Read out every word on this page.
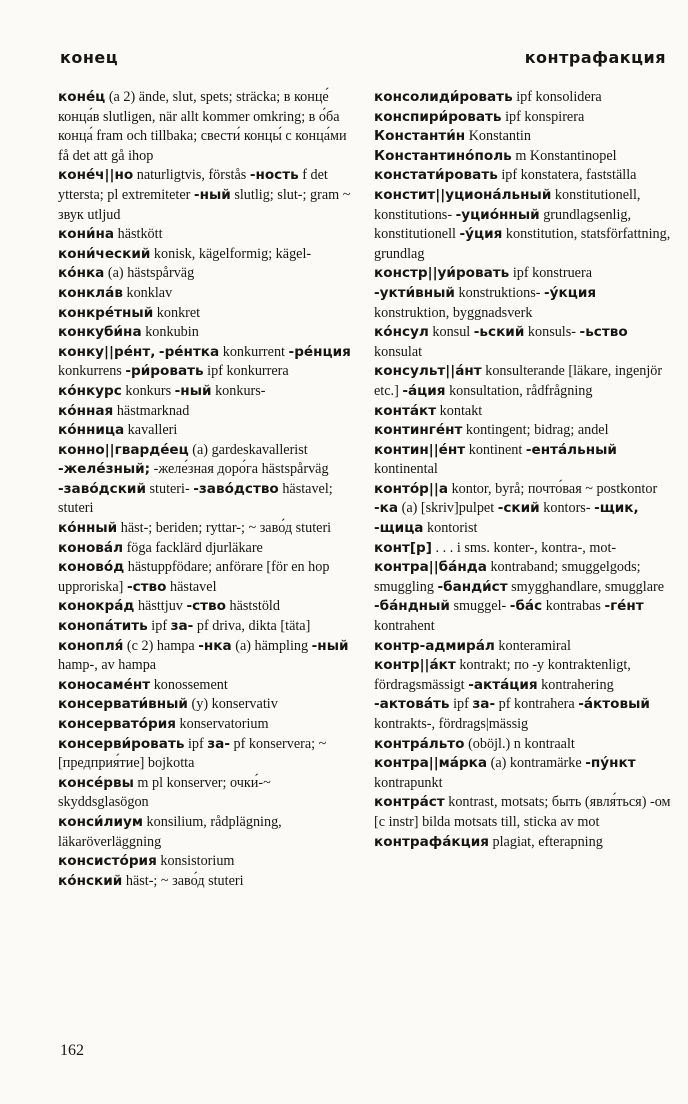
конец	контрафакция

коне́ц (a 2) ände, slut, spets; sträcka; в конце́ конца́в slutligen, när allt kommer omkring; в о́ба конца́ fram och tillbaka; свести́ концы́ с конца́ми få det att gå ihop

коне́ч||но naturligtvis, förstås -ность f det yttersta; pl extremiteter -ный slutlig; slut-; gram ~ звук utljud

кони́на hästkött

кони́ческий konisk, kägelformig; kägel-

ко́нка (a) hästspårväg

конкла́в konklav

конкре́тный konkret

конкуби́на konkubin

конку||ре́нт, -ре́нтка konkurrent -ре́нция konkurrens -ри́ровать ipf konkurrera

ко́нкурс konkurs -ный konkurs-

ко́нная hästmarknad

ко́нница kavalleri

конно||гварде́ец (a) gardeskavallerist -желе́зный; -желе́зная доро́га hästspårväg -заво́дский stuteri- -заво́дство hästavel; stuteri

ко́нный häst-; beriden; ryttar-; ~ заво́д stuteri

конова́л föga facklärd djurläkare

коново́д hästuppfödare; anförare [för en hop upproriska] -ство hästavel

конокра́д hästtjuv -ство häststöld

конопа́тить ipf за- pf driva, dikta [täta]

конопля́ (c 2) hampa -нка (a) hämpling -ный hamp-, av hampa

коносаме́нт konossement

консервати́вный (y) konservativ

консервато́рия konservatorium

консерви́ровать ipf за- pf konservera; ~ [предприя́тие] bojkotta

консе́рвы m pl konserver; очки́-~ skyddsglasögon

конси́лиум konsilium, rådplägning, läkaröverläggning

консисто́рия konsistorium

ко́нский häst-; ~ заво́д stuteri

консолиди́ровать ipf konsolidera

конспири́ровать ipf konspirera

Константи́н Konstantin

Константино́поль m Konstantinopel

констати́ровать ipf konstatera, fastställa

констит||уциона́льный konstitutionell, konstitutions- -уцио́нный grundlagsenlig, konstitutionell -у́ция konstitution, statsförfattning, grundlag

констр||уи́ровать ipf konstruera -укти́вный konstruktions- -у́кция konstruktion, byggnadsverk

ко́нсул konsul -ьский konsuls- -ьство konsulat

консульт||а́нт konsulterande [läkare, ingenjör etc.] -а́ция konsultation, rådfrågning

конта́кт kontakt

континге́нт kontingent; bidrag; andel

контин||е́нт kontinent -ента́льный kontinental

конто́р||а kontor, byrå; почто́вая ~ postkontor -ка (a) [skriv]pulpet -ский kontors- -щик, -щица kontorist

конт[р] . . . i sms. konter-, kontra-, mot-

контра||ба́нда kontraband; smuggelgods; smuggling -банди́ст smygghandlare, smugglare -ба́ндный smuggel- -ба́с kontrabas -ге́нт kontrahent

контр-адмира́л konteramiral

контр||а́кт kontrakt; по -у kontraktenligt, fördragsmässigt -акта́ция kontrahering -актова́ть ipf за- pf kontrahera -а́ктовый kontrakts-, fördrags|mässig

контра́льто (oböjl.) n kontraalt

контра||ма́рка (a) kontramärke -пу́нкт kontrapunkt

контра́ст kontrast, motsats; быть (явля́ться) -ом [c instr] bilda motsats till, sticka av mot

контрафа́кция plagiat, efterapning

162
